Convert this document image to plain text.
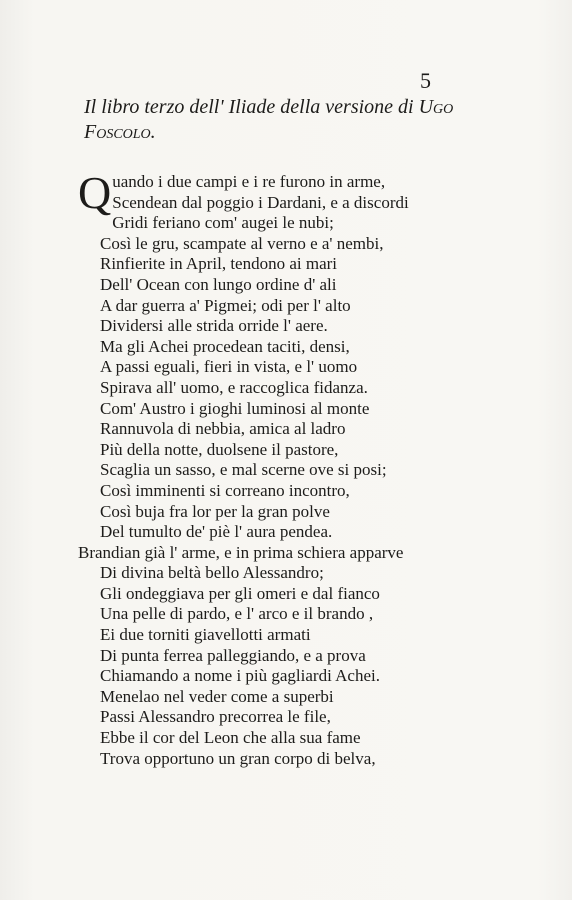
5
Il libro terzo dell' Iliade della versione di Ugo
Foscolo.
Quando i due campi e i re furono in arme,
Scendean dal poggio i Dardani, e a discordi
Gridi feriano com' augei le nubi;
Così le gru, scampate al verno e a' nembi,
Rinfierite in April, tendono ai mari
Dell' Ocean con lungo ordine d' ali
A dar guerra a' Pigmei; odi per l' alto
Dividersi alle strida orride l' aere.
Ma gli Achei procedean taciti, densi,
A passi eguali, fieri in vista, e l' uomo
Spirava all' uomo, e raccoglica fidanza.
Com' Austro i gioghi luminosi al monte
Rannuvola di nebbia, amica al ladro
Più della notte, duolsene il pastore,
Scaglia un sasso, e mal scerne ove si posi;
Così imminenti si correano incontro,
Così buja fra lor per la gran polve
Del tumulto de' piè l' aura pendea.
Brandian già l' arme, e in prima schiera apparve
Di divina beltà bello Alessandro;
Gli ondeggiava per gli omeri e dal fianco
Una pelle di pardo, e l' arco e il brando ,
Ei due torniti giavellotti armati
Di punta ferrea palleggiando, e a prova
Chiamando a nome i più gagliardi Achei.
Menelao nel veder come a superbi
Passi Alessandro precorrea le file,
Ebbe il cor del Leon che alla sua fame
Trova opportuno un gran corpo di belva,
